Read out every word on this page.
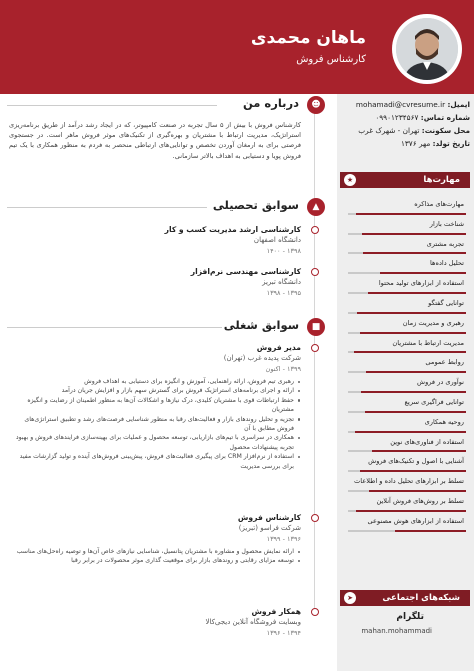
ماهان محمدی
کارشناس فروش
ایمیل: mohamadi@cvresume.ir
شماره تماس: ۰۹۹۰۱۲۳۴۵۶۷
محل سکونت: تهران - شهرک غرب
تاریخ تولد: مهر ۱۳۷۶
★	مهارت‌ها
مهارت‌های مذاکره
شناخت بازار
تجربه مشتری
تحلیل داده‌ها
استفاده از ابزارهای تولید محتوا
توانایی گفتگو
رهبری و مدیریت زمان
مدیریت ارتباط با مشتریان
روابط عمومی
نوآوری در فروش
توانایی فراگیری سریع
روحیه همکاری
استفاده از فناوری‌های نوین
آشنایی با اصول و تکنیک‌های فروش
تسلط بر ابزارهای تحلیل داده و اطلاعات
تسلط بر روش‌های فروش آنلاین
استفاده از ابزارهای هوش مصنوعی
➤	شبکه‌های اجتماعی
تلگرام
mahan.mohammadi
☻
درباره من
کارشناس فروش با بیش از ۵ سال تجربه در صنعت کامپیوتر، که در ایجاد رشد درآمد از طریق برنامه‌ریزی استراتژیک، مدیریت ارتباط با مشتریان و بهره‌گیری از تکنیک‌های موثر فروش ماهر است. در جستجوی فرصتی برای به ارمغان آوردن تخصص و توانایی‌های ارتباطی منحصر به فردم به منظور همکاری با یک تیم فروش پویا و دستیابی به اهداف بالاتر سازمانی.
▲
سوابق تحصیلی
کارشناسی ارشد مدیریت کسب و کار
دانشگاه اصفهان
۱۳۹۸ - ۱۴۰۰
کارشناسی مهندسی نرم‌افزار
دانشگاه تبریز
۱۳۹۵ - ۱۳۹۸
■
سوابق شغلی
مدیر فروش
شرکت پدیده غرب (تهران)
۱۳۹۹ - اکنون
رهبری تیم فروش، ارائه راهنمایی، آموزش و انگیزه برای دستیابی به اهداف فروش
ارائه و اجرای برنامه‌های استراتژیک فروش برای گسترش سهم بازار و افزایش جریان درآمد
حفظ ارتباطات قوی با مشتریان کلیدی، درک نیازها و اشکالات آن‌ها به منظور اطمینان از رضایت و انگیزه مشتریان
تجزیه و تحلیل روندهای بازار و فعالیت‌های رقبا به منظور شناسایی فرصت‌های رشد و تطبیق استراتژی‌های فروش مطابق با آن
همکاری در سراسری با تیم‌های بازاریابی، توسعه محصول و عملیات برای بهینه‌سازی فرایندهای فروش و بهبود تجربه پیشنهادات محصول
استفاده از نرم‌افزار CRM برای پیگیری فعالیت‌های فروش، پیش‌بینی فروش‌های آینده و تولید گزارشات مفید برای بررسی مدیریت
کارشناس فروش
شرکت فراسو (تبریز)
۱۳۹۶ - ۱۳۹۹
ارائه نمایش محصول و مشاوره با مشتریان پتانسیل، شناسایی نیازهای خاص آن‌ها و توصیه راه‌حل‌های مناسب
توسعه مزایای رقابتی و روندهای بازار برای موقعیت گذاری موثر محصولات در برابر رقبا
همکار فروش
وبسایت فروشگاه آنلاین دیجی‌کالا
۱۳۹۴ - ۱۳۹۶
